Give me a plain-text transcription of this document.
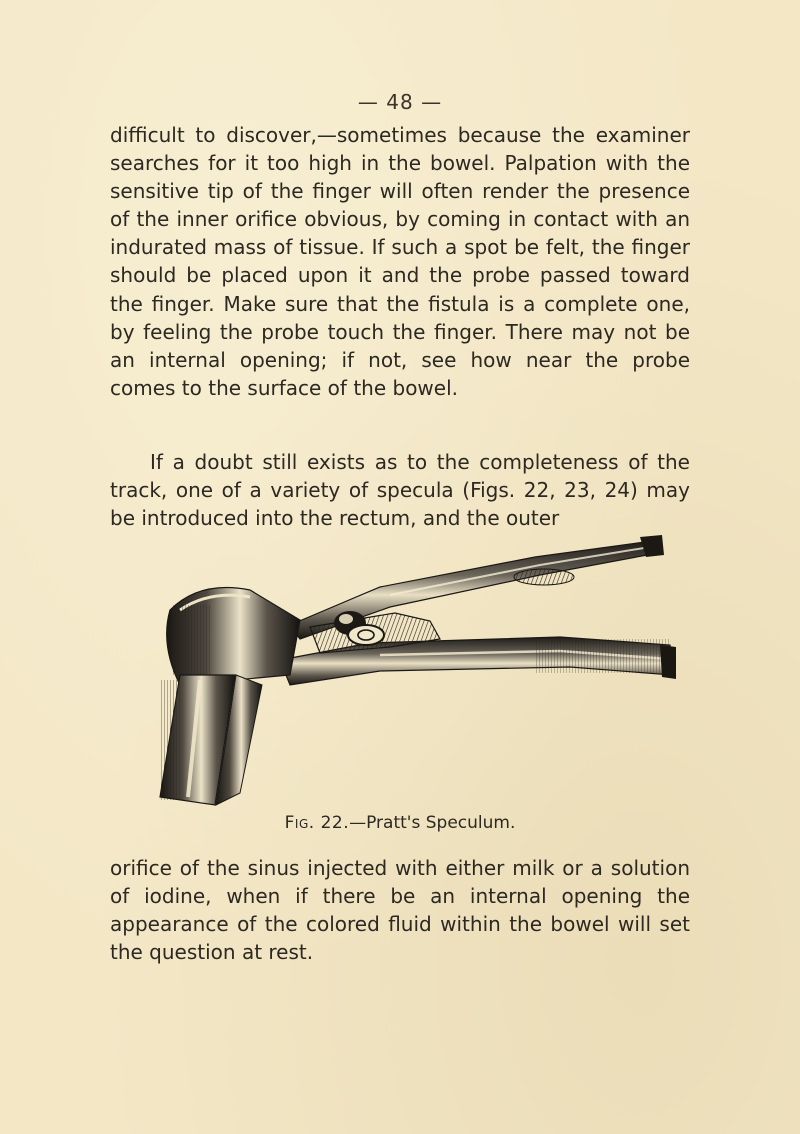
— 48 —

difficult to discover,—sometimes because the examiner searches for it too high in the bowel. Palpation with the sensitive tip of the finger will often render the presence of the inner orifice obvious, by coming in contact with an indurated mass of tissue. If such a spot be felt, the finger should be placed upon it and the probe passed toward the finger. Make sure that the fistula is a complete one, by feeling the probe touch the finger. There may not be an internal opening; if not, see how near the probe comes to the surface of the bowel.

If a doubt still exists as to the completeness of the track, one of a variety of specula (Figs. 22, 23, 24) may be introduced into the rectum, and the outer

Fig. 22.—Pratt's Speculum.

orifice of the sinus injected with either milk or a solution of iodine, when if there be an internal opening the appearance of the colored fluid within the bowel will set the question at rest.
